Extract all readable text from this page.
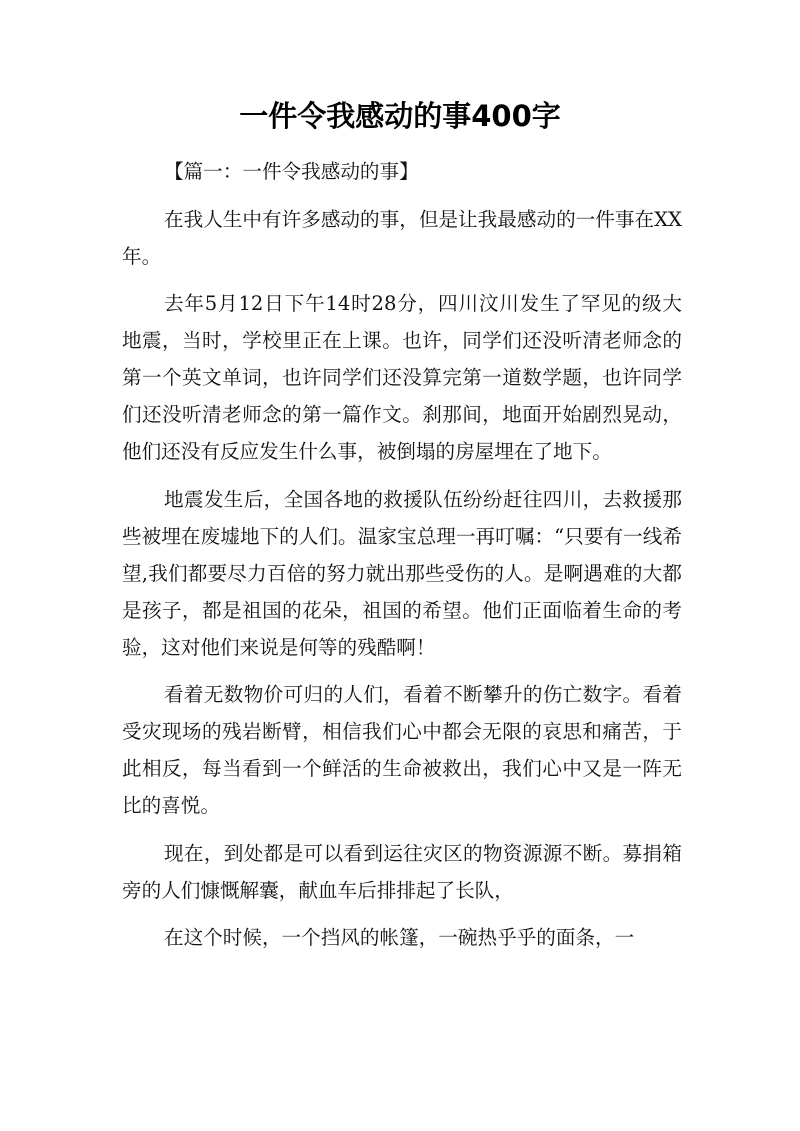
一件令我感动的事400字

【篇一：一件令我感动的事】

在我人生中有许多感动的事，但是让我最感动的一件事在XX年。

去年5月12日下午14时28分，四川汶川发生了罕见的级大地震，当时，学校里正在上课。也许，同学们还没听清老师念的第一个英文单词，也许同学们还没算完第一道数学题，也许同学们还没听清老师念的第一篇作文。刹那间，地面开始剧烈晃动，他们还没有反应发生什么事，被倒塌的房屋埋在了地下。

地震发生后，全国各地的救援队伍纷纷赶往四川，去救援那些被埋在废墟地下的人们。温家宝总理一再叮嘱：“只要有一线希望,我们都要尽力百倍的努力就出那些受伤的人。是啊遇难的大都是孩子，都是祖国的花朵，祖国的希望。他们正面临着生命的考验，这对他们来说是何等的残酷啊！

看着无数物价可归的人们，看着不断攀升的伤亡数字。看着受灾现场的残岩断臂，相信我们心中都会无限的哀思和痛苦，于此相反，每当看到一个鲜活的生命被救出，我们心中又是一阵无比的喜悦。

现在，到处都是可以看到运往灾区的物资源源不断。募捐箱旁的人们慷慨解囊，献血车后排排起了长队，

在这个时候，一个挡风的帐篷，一碗热乎乎的面条，一
